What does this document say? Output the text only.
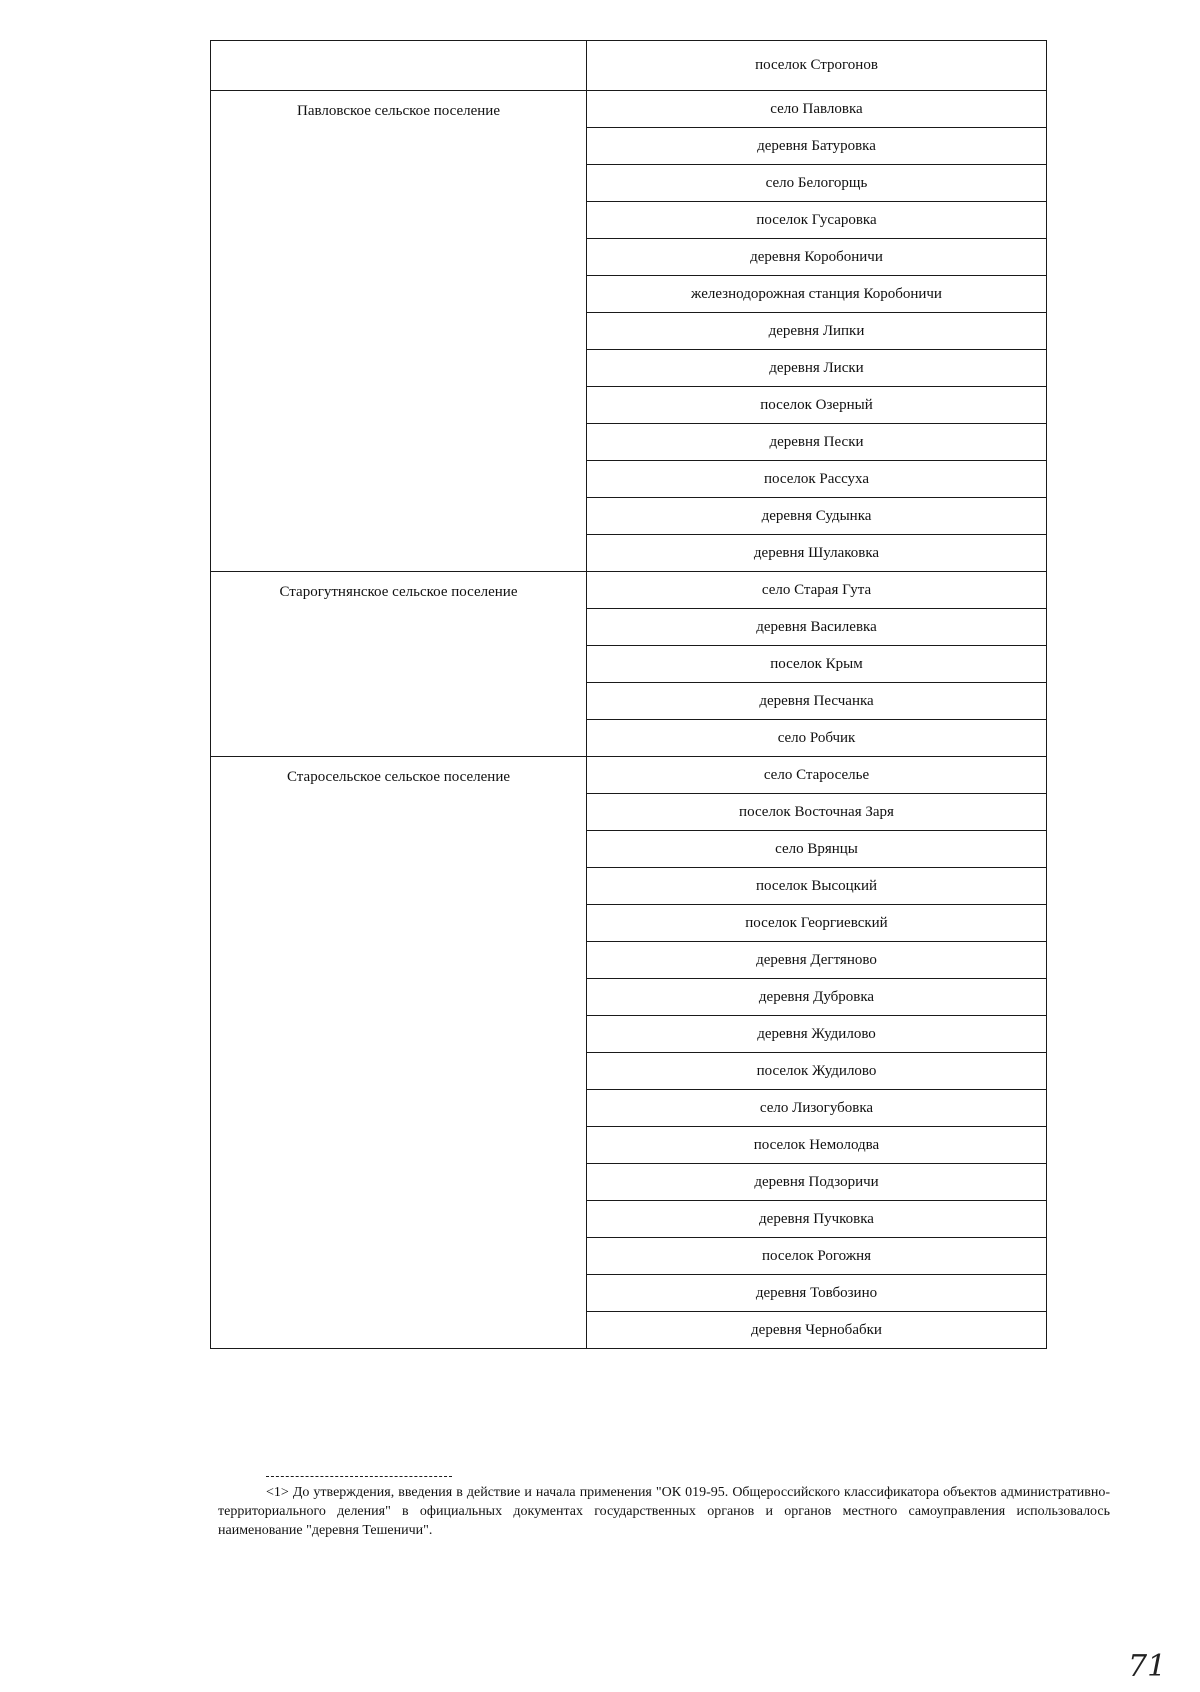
	поселок Строгонов
Павловское сельское поселение	село Павловка
	деревня Батуровка
	село Белогорщь
	поселок Гусаровка
	деревня Коробоничи
	железнодорожная станция Коробоничи
	деревня Липки
	деревня Лиски
	поселок Озерный
	деревня Пески
	поселок Рассуха
	деревня Судынка
	деревня Шулаковка
Старогутнянское сельское поселение	село Старая Гута
	деревня Василевка
	поселок Крым
	деревня Песчанка
	село Робчик
Старосельское сельское поселение	село Староселье
	поселок Восточная Заря
	село Врянцы
	поселок Высоцкий
	поселок Георгиевский
	деревня Дегтяново
	деревня Дубровка
	деревня Жудилово
	поселок Жудилово
	село Лизогубовка
	поселок Немолодва
	деревня Подзоричи
	деревня Пучковка
	поселок Рогожня
	деревня Товбозино
	деревня Чернобабки
<1> До утверждения, введения в действие и начала применения "ОК 019-95. Общероссийского классификатора объектов административно-территориального деления" в официальных документах государственных органов и органов местного самоуправления использовалось наименование "деревня Тешеничи".
71
